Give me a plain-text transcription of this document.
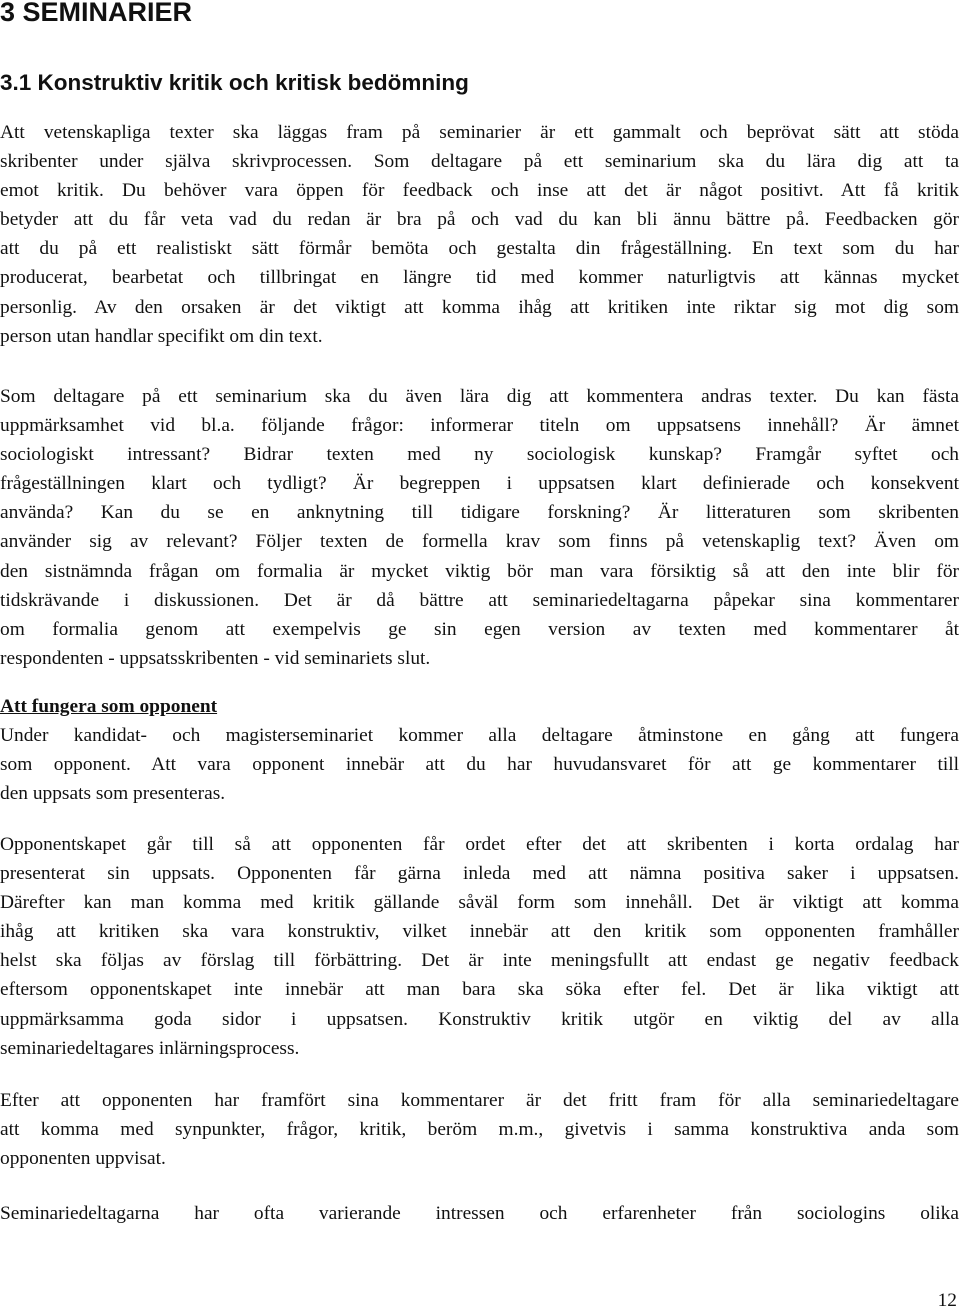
3 SEMINARIER
3.1 Konstruktiv kritik och kritisk bedömning

Att vetenskapliga texter ska läggas fram på seminarier är ett gammalt och beprövat sätt att stöda
skribenter under själva skrivprocessen. Som deltagare på ett seminarium ska du lära dig att ta
emot kritik. Du behöver vara öppen för feedback och inse att det är något positivt. Att få kritik
betyder att du får veta vad du redan är bra på och vad du kan bli ännu bättre på. Feedbacken gör
att du på ett realistiskt sätt förmår bemöta och gestalta din frågeställning. En text som du har
producerat, bearbetat och tillbringat en längre tid med kommer naturligtvis att kännas mycket
personlig. Av den orsaken är det viktigt att komma ihåg att kritiken inte riktar sig mot dig som
person utan handlar specifikt om din text.

Som deltagare på ett seminarium ska du även lära dig att kommentera andras texter. Du kan fästa
uppmärksamhet vid bl.a. följande frågor: informerar titeln om uppsatsens innehåll? Är ämnet
sociologiskt intressant? Bidrar texten med ny sociologisk kunskap? Framgår syftet och
frågeställningen klart och tydligt? Är begreppen i uppsatsen klart definierade och konsekvent
använda? Kan du se en anknytning till tidigare forskning? Är litteraturen som skribenten
använder sig av relevant? Följer texten de formella krav som finns på vetenskaplig text? Även om
den sistnämnda frågan om formalia är mycket viktig bör man vara försiktig så att den inte blir för
tidskrävande i diskussionen. Det är då bättre att seminariedeltagarna påpekar sina kommentarer
om formalia genom att exempelvis ge sin egen version av texten med kommentarer åt
respondenten - uppsatsskribenten - vid seminariets slut.

Att fungera som opponent
Under kandidat- och magisterseminariet kommer alla deltagare åtminstone en gång att fungera
som opponent. Att vara opponent innebär att du har huvudansvaret för att ge kommentarer till
den uppsats som presenteras.

Opponentskapet går till så att opponenten får ordet efter det att skribenten i korta ordalag har
presenterat sin uppsats. Opponenten får gärna inleda med att nämna positiva saker i uppsatsen.
Därefter kan man komma med kritik gällande såväl form som innehåll. Det är viktigt att komma
ihåg att kritiken ska vara konstruktiv, vilket innebär att den kritik som opponenten framhåller
helst ska följas av förslag till förbättring. Det är inte meningsfullt att endast ge negativ feedback
eftersom opponentskapet inte innebär att man bara ska söka efter fel. Det är lika viktigt att
uppmärksamma goda sidor i uppsatsen. Konstruktiv kritik utgör en viktig del av alla
seminariedeltagares inlärningsprocess.

Efter att opponenten har framfört sina kommentarer är det fritt fram för alla seminariedeltagare
att komma med synpunkter, frågor, kritik, beröm m.m., givetvis i samma konstruktiva anda som
opponenten uppvisat.

Seminariedeltagarna har ofta varierande intressen och erfarenheter från sociologins olika

12
